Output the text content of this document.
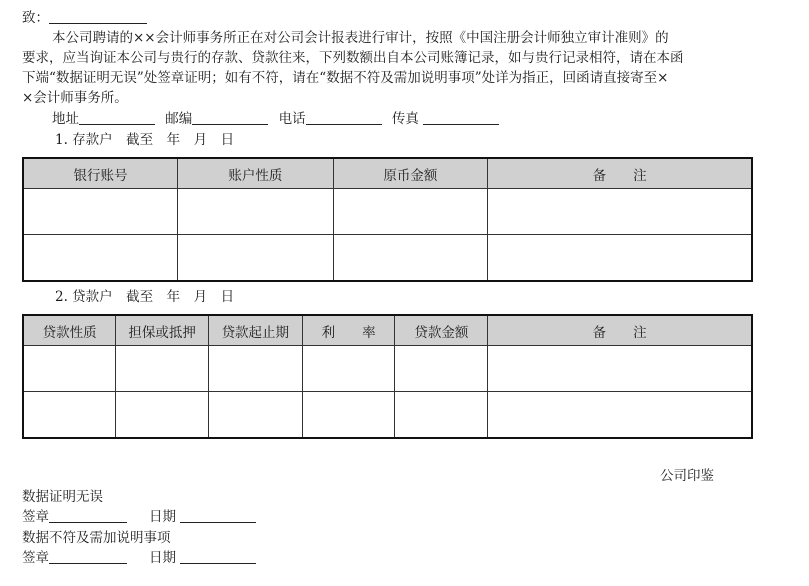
致：
本公司聘请的××会计师事务所正在对公司会计报表进行审计，按照《中国注册会计师独立审计准则》的
要求，应当询证本公司与贵行的存款、贷款往来，下列数额出自本公司账簿记录，如与贵行记录相符，请在本函
下端“数据证明无误”处签章证明；如有不符，请在“数据不符及需加说明事项”处详为指正，回函请直接寄至×
×会计师事务所。
地址	邮编	电话	传真
1. 存款户　截至　年　月　日
银行账号	账户性质	原币金额	备　　注

2. 贷款户　截至　年　月　日
贷款性质	担保或抵押	贷款起止期	利　　率	贷款金额	备　　注

公司印鉴
数据证明无误
签章	日期
数据不符及需加说明事项
签章	日期
